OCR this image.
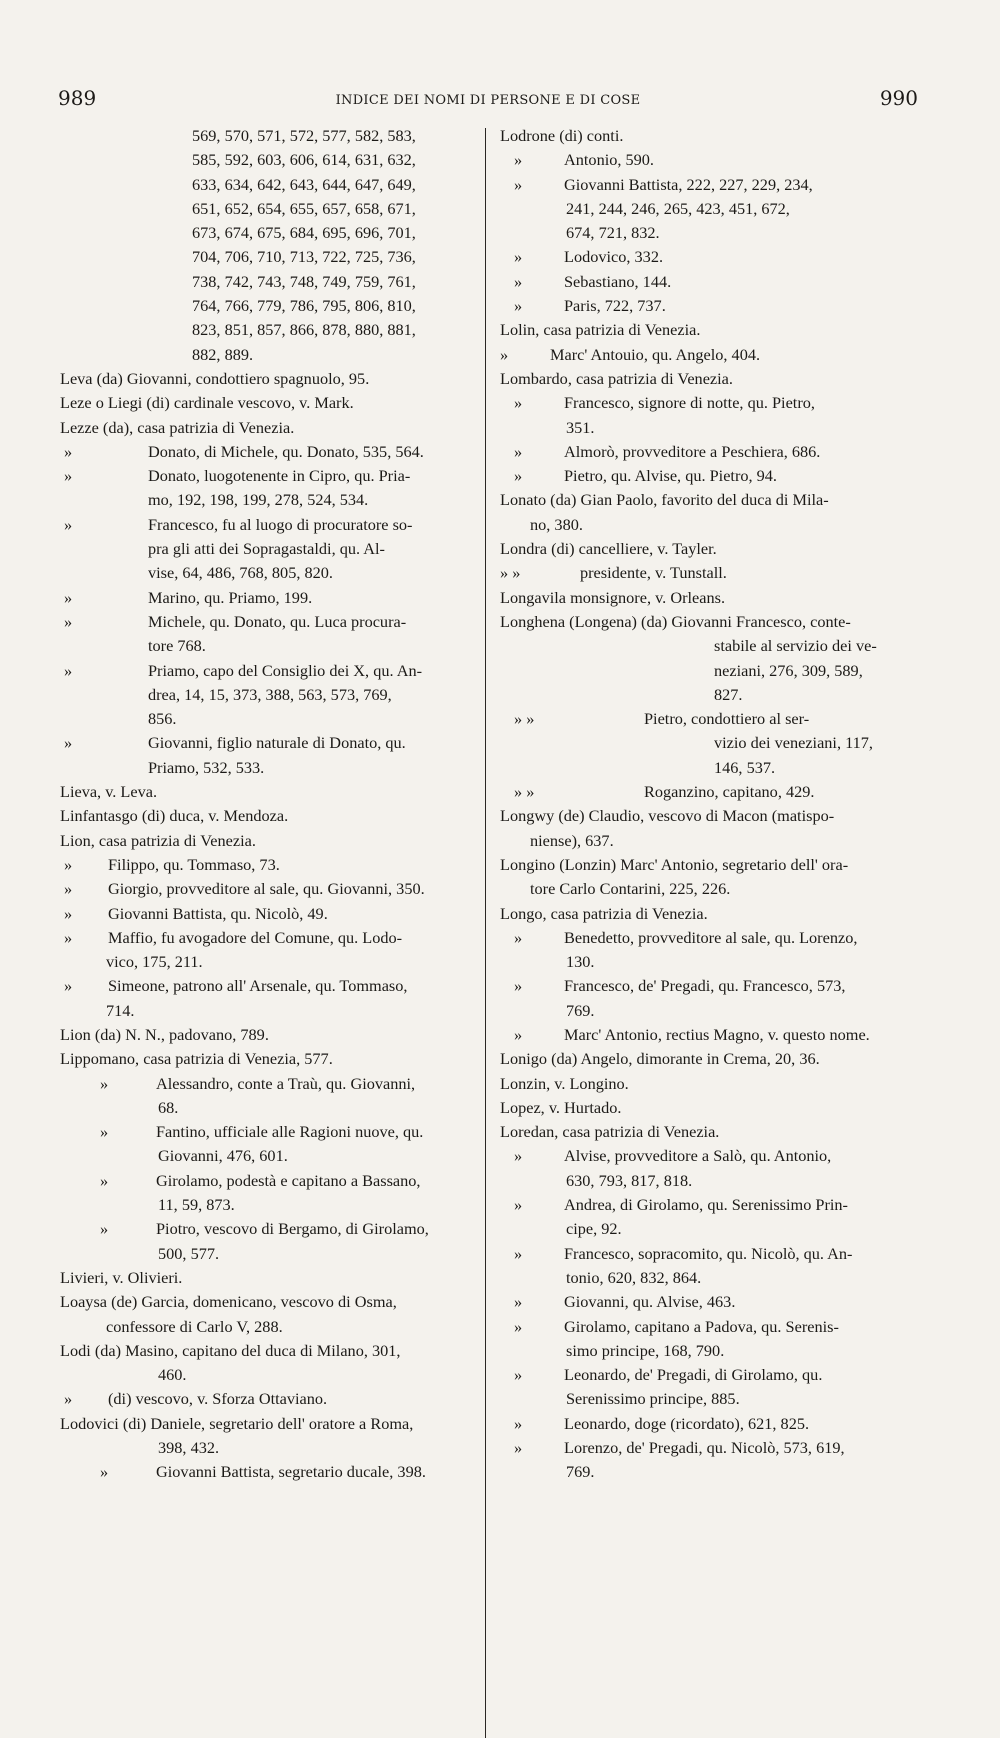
989	INDICE DEI NOMI DI PERSONE E DI COSE	990
569, 570, 571, 572, 577, 582, 583,
585, 592, 603, 606, 614, 631, 632,
633, 634, 642, 643, 644, 647, 649,
651, 652, 654, 655, 657, 658, 671,
673, 674, 675, 684, 695, 696, 701,
704, 706, 710, 713, 722, 725, 736,
738, 742, 743, 748, 749, 759, 761,
764, 766, 779, 786, 795, 806, 810,
823, 851, 857, 866, 878, 880, 881,
882, 889.
Leva (da) Giovanni, condottiero spagnuolo, 95.
Leze o Liegi (di) cardinale vescovo, v. Mark.
Lezze (da), casa patrizia di Venezia.
»	Donato, di Michele, qu. Donato, 535, 564.
»	Donato, luogotenente in Cipro, qu. Pria-
mo, 192, 198, 199, 278, 524, 534.
»	Francesco, fu al luogo di procuratore so-
pra gli atti dei Sopragastaldi, qu. Al-
vise, 64, 486, 768, 805, 820.
»	Marino, qu. Priamo, 199.
»	Michele, qu. Donato, qu. Luca procura-
tore 768.
»	Priamo, capo del Consiglio dei X, qu. An-
drea, 14, 15, 373, 388, 563, 573, 769,
856.
»	Giovanni, figlio naturale di Donato, qu.
Priamo, 532, 533.
Lieva, v. Leva.
Linfantasgo (di) duca, v. Mendoza.
Lion, casa patrizia di Venezia.
» Filippo, qu. Tommaso, 73.
» Giorgio, provveditore al sale, qu. Giovanni, 350.
» Giovanni Battista, qu. Nicolò, 49.
» Maffio, fu avogadore del Comune, qu. Lodo-
vico, 175, 211.
» Simeone, patrono all' Arsenale, qu. Tommaso,
714.
Lion (da) N. N., padovano, 789.
Lippomano, casa patrizia di Venezia, 577.
»	Alessandro, conte a Traù, qu. Giovanni,
68.
»	Fantino, ufficiale alle Ragioni nuove, qu.
Giovanni, 476, 601.
»	Girolamo, podestà e capitano a Bassano,
11, 59, 873.
»	Piotro, vescovo di Bergamo, di Girolamo,
500, 577.
Livieri, v. Olivieri.
Loaysa (de) Garcia, domenicano, vescovo di Osma,
confessore di Carlo V, 288.
Lodi (da) Masino, capitano del duca di Milano, 301,
460.
» (di) vescovo, v. Sforza Ottaviano.
Lodovici (di) Daniele, segretario dell' oratore a Roma,
398, 432.
»	Giovanni Battista, segretario ducale, 398.
Lodrone (di) conti.
»	Antonio, 590.
»	Giovanni Battista, 222, 227, 229, 234,
241, 244, 246, 265, 423, 451, 672,
674, 721, 832.
»	Lodovico, 332.
»	Sebastiano, 144.
»	Paris, 722, 737.
Lolin, casa patrizia di Venezia.
»	Marc' Antouio, qu. Angelo, 404.
Lombardo, casa patrizia di Venezia.
»	Francesco, signore di notte, qu. Pietro,
351.
»	Almorò, provveditore a Peschiera, 686.
»	Pietro, qu. Alvise, qu. Pietro, 94.
Lonato (da) Gian Paolo, favorito del duca di Mila-
no, 380.
Londra (di) cancelliere, v. Tayler.
» »	presidente, v. Tunstall.
Longavila monsignore, v. Orleans.
Longhena (Longena) (da) Giovanni Francesco, conte-
stabile al servizio dei ve-
neziani, 276, 309, 589,
827.
» »	Pietro, condottiero al ser-
vizio dei veneziani, 117,
146, 537.
» »	Roganzino, capitano, 429.
Longwy (de) Claudio, vescovo di Macon (matispo-
niense), 637.
Longino (Lonzin) Marc' Antonio, segretario dell' ora-
tore Carlo Contarini, 225, 226.
Longo, casa patrizia di Venezia.
»	Benedetto, provveditore al sale, qu. Lorenzo,
130.
»	Francesco, de' Pregadi, qu. Francesco, 573,
769.
»	Marc' Antonio, rectius Magno, v. questo nome.
Lonigo (da) Angelo, dimorante in Crema, 20, 36.
Lonzin, v. Longino.
Lopez, v. Hurtado.
Loredan, casa patrizia di Venezia.
»	Alvise, provveditore a Salò, qu. Antonio,
630, 793, 817, 818.
»	Andrea, di Girolamo, qu. Serenissimo Prin-
cipe, 92.
»	Francesco, sopracomito, qu. Nicolò, qu. An-
tonio, 620, 832, 864.
»	Giovanni, qu. Alvise, 463.
»	Girolamo, capitano a Padova, qu. Serenis-
simo principe, 168, 790.
»	Leonardo, de' Pregadi, di Girolamo, qu.
Serenissimo principe, 885.
»	Leonardo, doge (ricordato), 621, 825.
»	Lorenzo, de' Pregadi, qu. Nicolò, 573, 619,
769.
